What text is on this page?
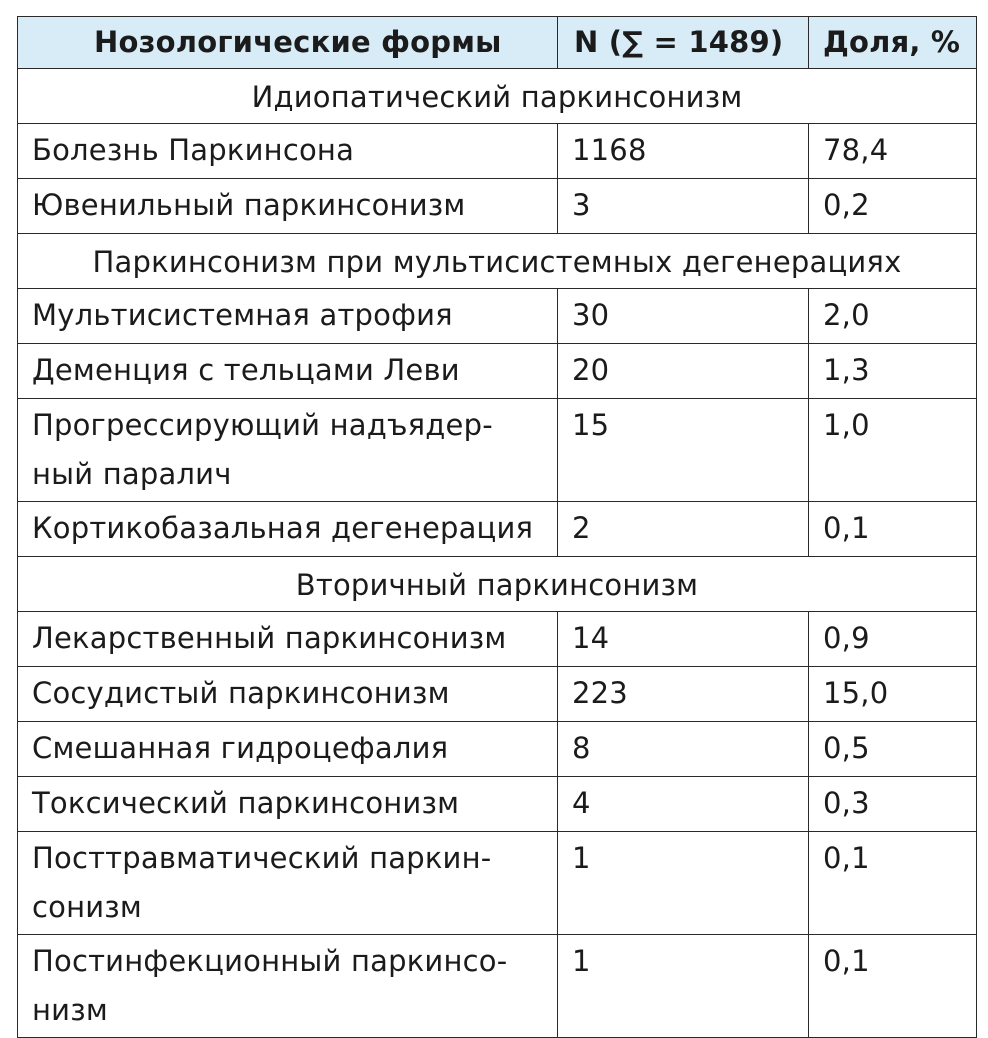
Нозологические формы	N (∑ = 1489)	Доля, %
Идиопатический паркинсонизм		
Болезнь Паркинсона	1168	78,4
Ювенильный паркинсонизм	3	0,2
Паркинсонизм при мультисистемных дегенерациях		
Мультисистемная атрофия	30	2,0
Деменция с тельцами Леви	20	1,3
Прогрессирующий надъядер-
ный паралич	15	1,0
Кортикобазальная дегенерация	2	0,1
Вторичный паркинсонизм		
Лекарственный паркинсонизм	14	0,9
Сосудистый паркинсонизм	223	15,0
Смешанная гидроцефалия	8	0,5
Токсический паркинсонизм	4	0,3
Посттравматический паркин-
сонизм	1	0,1
Постинфекционный паркинсо-
низм	1	0,1
